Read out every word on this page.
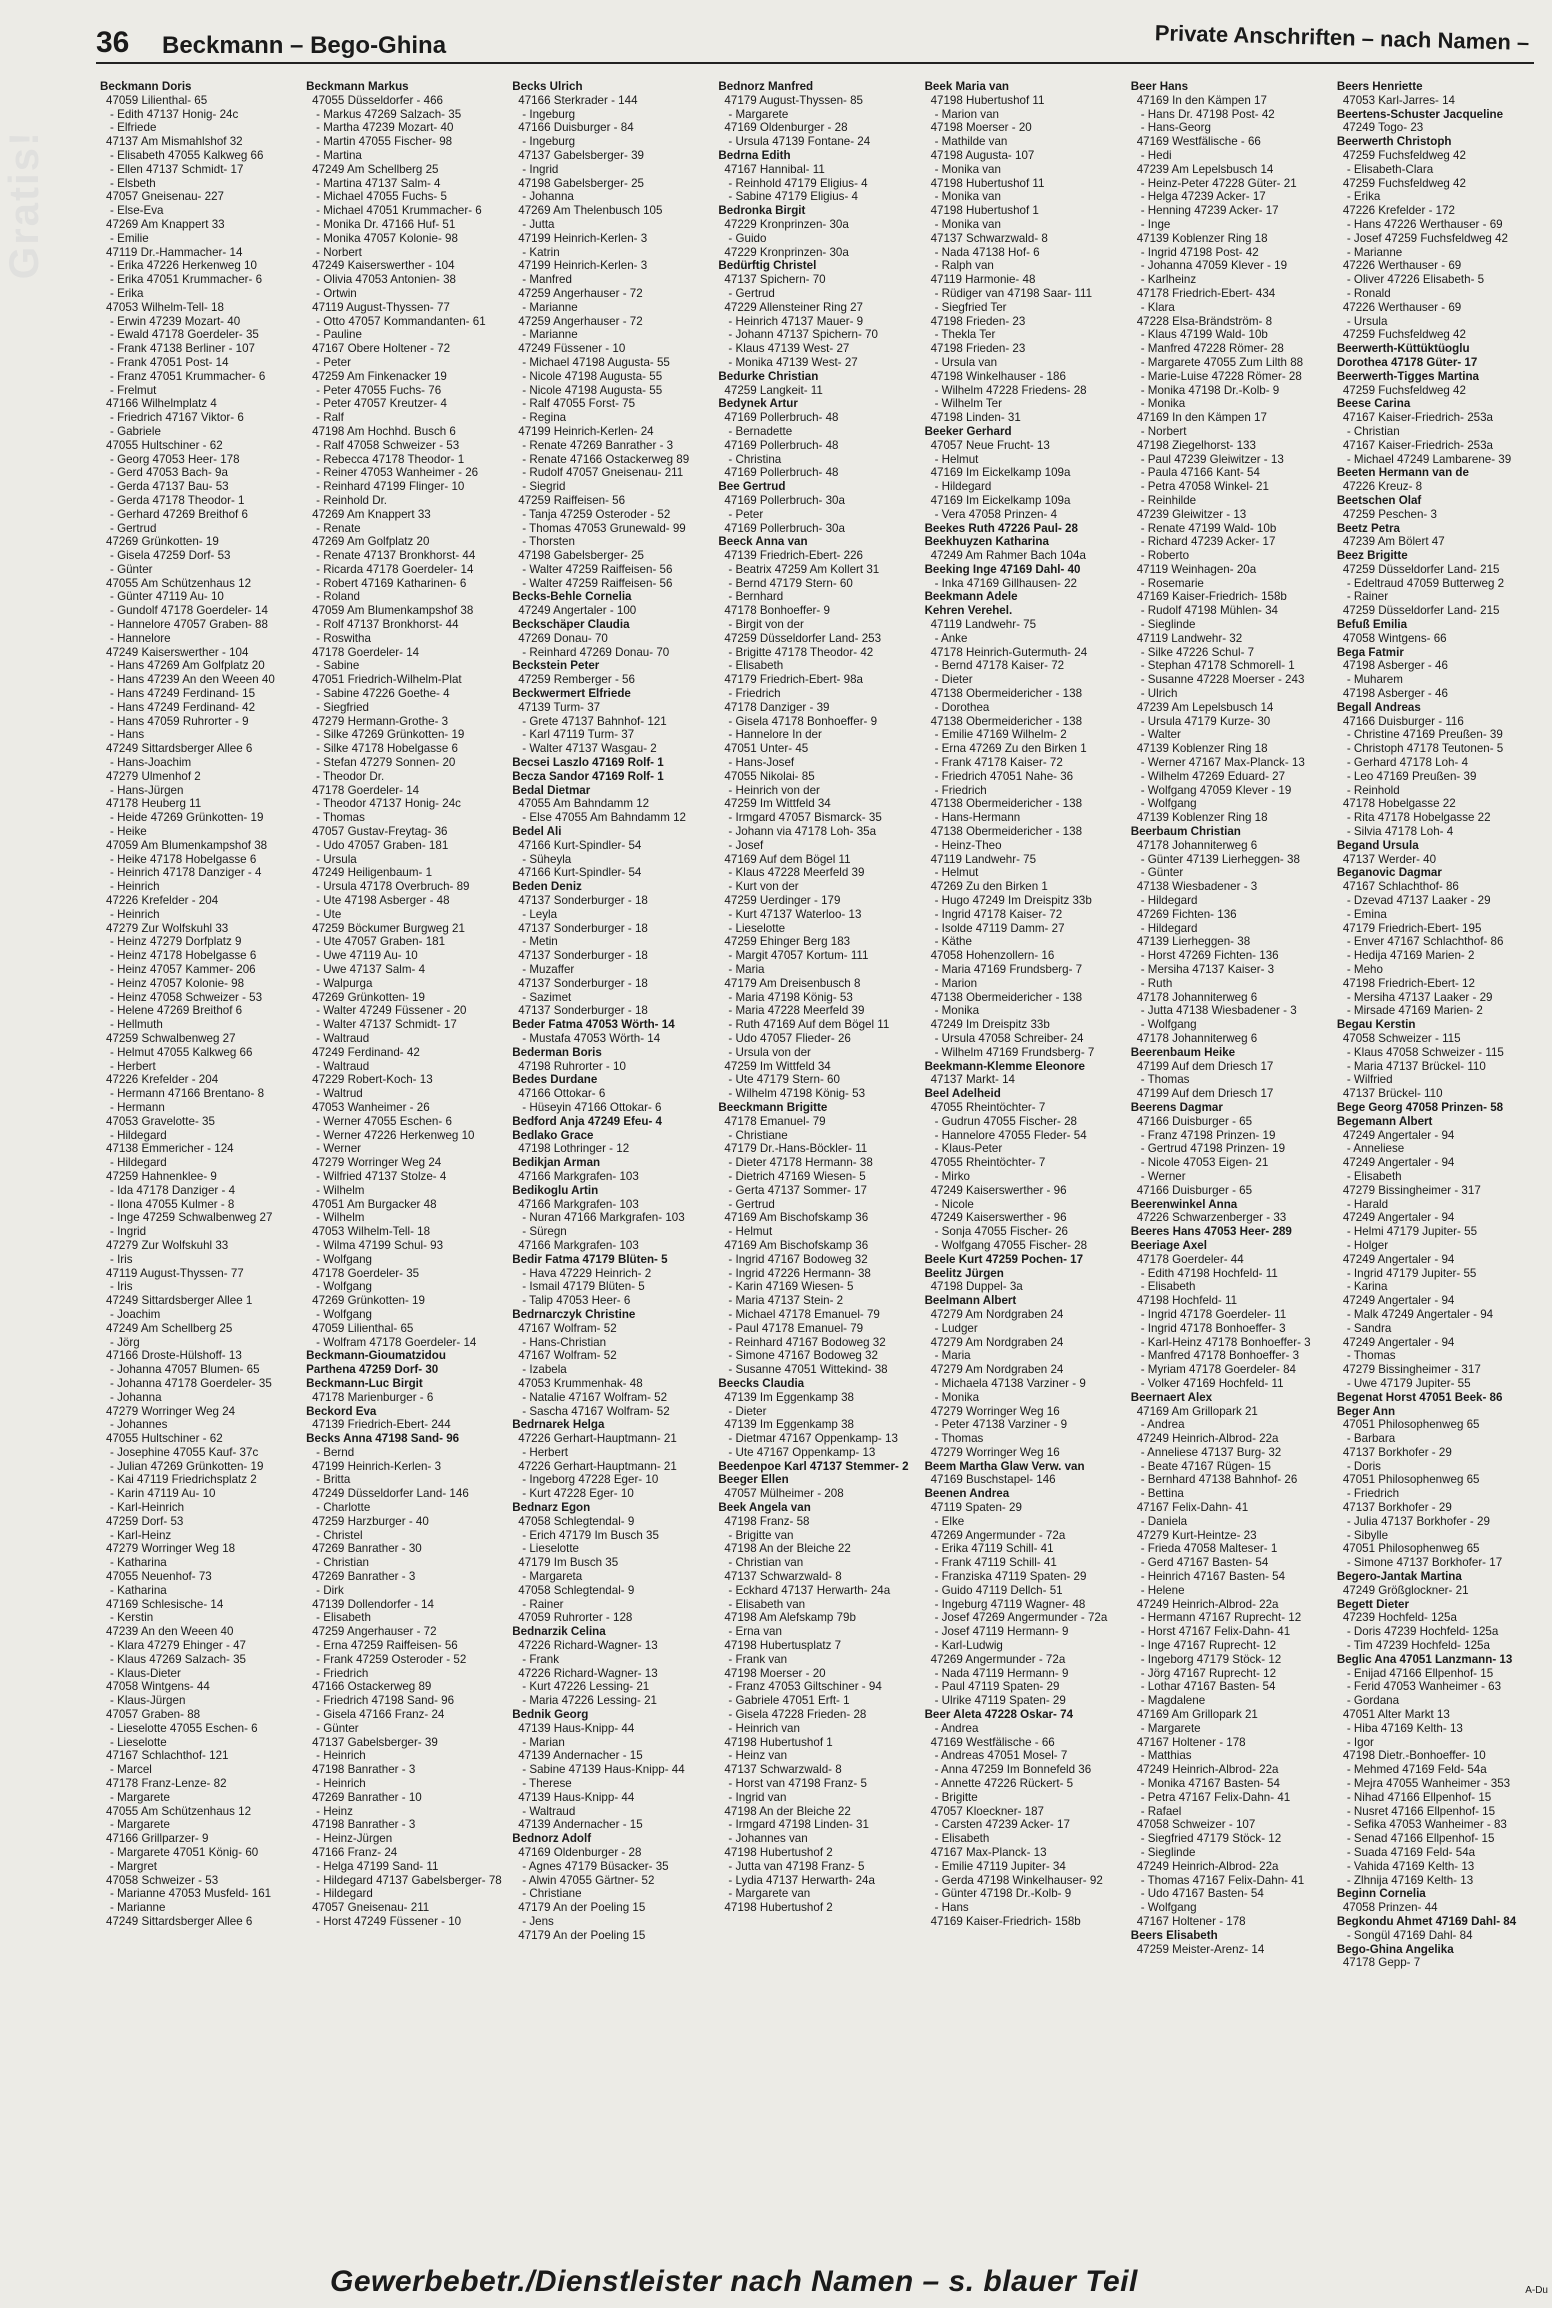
36 Beckmann – Bego-Ghina	Private Anschriften – nach Namen –
Gratis!
Beckmann Doris
47059 Lilienthal- 65
- Edith 47137 Honig- 24c
- Elfriede
47137 Am Mismahlshof 32
- Elisabeth 47055 Kalkweg 66
- Ellen 47137 Schmidt- 17
- Elsbeth
47057 Gneisenau- 227
- Else-Eva
47269 Am Knappert 33
- Emilie
47119 Dr.-Hammacher- 14
- Erika 47226 Herkenweg 10
- Erika 47051 Krummacher- 6
- Erika
47053 Wilhelm-Tell- 18
- Erwin 47239 Mozart- 40
- Ewald 47178 Goerdeler- 35
- Frank 47138 Berliner - 107
- Frank 47051 Post- 14
- Franz 47051 Krummacher- 6
- Frelmut
47166 Wilhelmplatz 4
- Friedrich 47167 Viktor- 6
- Gabriele
47055 Hultschiner - 62
- Georg 47053 Heer- 178
- Gerd 47053 Bach- 9a
- Gerda 47137 Bau- 53
- Gerda 47178 Theodor- 1
- Gerhard 47269 Breithof 6
- Gertrud
47269 Grünkotten- 19
- Gisela 47259 Dorf- 53
- Günter
47055 Am Schützenhaus 12
- Günter 47119 Au- 10
- Gundolf 47178 Goerdeler- 14
- Hannelore 47057 Graben- 88
- Hannelore
47249 Kaiserswerther - 104
- Hans 47269 Am Golfplatz 20
- Hans 47239 An den Weeen 40
- Hans 47249 Ferdinand- 15
- Hans 47249 Ferdinand- 42
- Hans 47059 Ruhrorter - 9
- Hans
47249 Sittardsberger Allee 6
- Hans-Joachim
47279 Ulmenhof 2
- Hans-Jürgen
47178 Heuberg 11
- Heide 47269 Grünkotten- 19
- Heike
47059 Am Blumenkampshof 38
- Heike 47178 Hobelgasse 6
- Heinrich 47178 Danziger - 4
- Heinrich
47226 Krefelder - 204
- Heinrich
47279 Zur Wolfskuhl 33
- Heinz 47279 Dorfplatz 9
- Heinz 47178 Hobelgasse 6
- Heinz 47057 Kammer- 206
- Heinz 47057 Kolonie- 98
- Heinz 47058 Schweizer - 53
- Helene 47269 Breithof 6
- Hellmuth
47259 Schwalbenweg 27
- Helmut 47055 Kalkweg 66
- Herbert
47226 Krefelder - 204
- Hermann 47166 Brentano- 8
- Hermann
47053 Gravelotte- 35
- Hildegard
47138 Emmericher - 124
- Hildegard
47259 Hahnenklee- 9
- Ida 47178 Danziger - 4
- Ilona 47055 Kulmer - 8
- Inge 47259 Schwalbenweg 27
- Ingrid
47279 Zur Wolfskuhl 33
- Iris
47119 August-Thyssen- 77
- Iris
47249 Sittardsberger Allee 1
- Joachim
47249 Am Schellberg 25
- Jörg
47166 Droste-Hülshoff- 13
- Johanna 47057 Blumen- 65
- Johanna 47178 Goerdeler- 35
- Johanna
47279 Worringer Weg 24
- Johannes
47055 Hultschiner - 62
- Josephine 47055 Kauf- 37c
- Julian 47269 Grünkotten- 19
- Kai 47119 Friedrichsplatz 2
- Karin 47119 Au- 10
- Karl-Heinrich
47259 Dorf- 53
- Karl-Heinz
47279 Worringer Weg 18
- Katharina
47055 Neuenhof- 73
- Katharina
47169 Schlesische- 14
- Kerstin
47239 An den Weeen 40
- Klara 47279 Ehinger - 47
- Klaus 47269 Salzach- 35
- Klaus-Dieter
47058 Wintgens- 44
- Klaus-Jürgen
47057 Graben- 88
- Lieselotte 47055 Eschen- 6
- Lieselotte
47167 Schlachthof- 121
- Marcel
47178 Franz-Lenze- 82
- Margarete
47055 Am Schützenhaus 12
- Margarete
47166 Grillparzer- 9
- Margarete 47051 König- 60
- Margret
47058 Schweizer - 53
- Marianne 47053 Musfeld- 161
- Marianne
47249 Sittardsberger Allee 6
Beckmann Markus
47055 Düsseldorfer - 466
- Markus 47269 Salzach- 35
- Martha 47239 Mozart- 40
- Martin 47055 Fischer- 98
- Martina
47249 Am Schellberg 25
- Martina 47137 Salm- 4
- Michael 47055 Fuchs- 5
- Michael 47051 Krummacher- 6
- Monika Dr. 47166 Huf- 51
- Monika 47057 Kolonie- 98
- Norbert
47249 Kaiserswerther - 104
- Olivia 47053 Antonien- 38
- Ortwin
47119 August-Thyssen- 77
- Otto 47057 Kommandanten- 61
- Pauline
47167 Obere Holtener - 72
- Peter
47259 Am Finkenacker 19
- Peter 47055 Fuchs- 76
- Peter 47057 Kreutzer- 4
- Ralf
47198 Am Hochhd. Busch 6
- Ralf 47058 Schweizer - 53
- Rebecca 47178 Theodor- 1
- Reiner 47053 Wanheimer - 26
- Reinhard 47199 Flinger- 10
- Reinhold Dr.
47269 Am Knappert 33
- Renate
47269 Am Golfplatz 20
- Renate 47137 Bronkhorst- 44
- Ricarda 47178 Goerdeler- 14
- Robert 47169 Katharinen- 6
- Roland
47059 Am Blumenkampshof 38
- Rolf 47137 Bronkhorst- 44
- Roswitha
47178 Goerdeler- 14
- Sabine
47051 Friedrich-Wilhelm-Plat
- Sabine 47226 Goethe- 4
- Siegfried
47279 Hermann-Grothe- 3
- Silke 47269 Grünkotten- 19
- Silke 47178 Hobelgasse 6
- Stefan 47279 Sonnen- 20
- Theodor Dr.
47178 Goerdeler- 14
- Theodor 47137 Honig- 24c
- Thomas
47057 Gustav-Freytag- 36
- Udo 47057 Graben- 181
- Ursula
47249 Heiligenbaum- 1
- Ursula 47178 Overbruch- 89
- Ute 47198 Asberger - 48
- Ute
47259 Böckumer Burgweg 21
- Ute 47057 Graben- 181
- Uwe 47119 Au- 10
- Uwe 47137 Salm- 4
- Walpurga
47269 Grünkotten- 19
- Walter 47249 Füssener - 20
- Walter 47137 Schmidt- 17
- Waltraud
47249 Ferdinand- 42
- Waltraud
47229 Robert-Koch- 13
- Waltrud
47053 Wanheimer - 26
- Werner 47055 Eschen- 6
- Werner 47226 Herkenweg 10
- Werner
47279 Worringer Weg 24
- Wilfried 47137 Stolze- 4
- Wilhelm
47051 Am Burgacker 48
- Wilhelm
47053 Wilhelm-Tell- 18
- Wilma 47199 Schul- 93
- Wolfgang
47178 Goerdeler- 35
- Wolfgang
47269 Grünkotten- 19
- Wolfgang
47059 Lilienthal- 65
- Wolfram 47178 Goerdeler- 14
Beckmann-Gioumatzidou
Parthena 47259 Dorf- 30
Beckmann-Luc Birgit
47178 Marienburger - 6
Beckord Eva
47139 Friedrich-Ebert- 244
Becks Anna 47198 Sand- 96
- Bernd
47199 Heinrich-Kerlen- 3
- Britta
47249 Düsseldorfer Land- 146
- Charlotte
47259 Harzburger - 40
- Christel
47269 Banrather - 30
- Christian
47269 Banrather - 3
- Dirk
47139 Dollendorfer - 14
- Elisabeth
47259 Angerhauser - 72
- Erna 47259 Raiffeisen- 56
- Frank 47259 Osteroder - 52
- Friedrich
47166 Ostackerweg 89
- Friedrich 47198 Sand- 96
- Gisela 47166 Franz- 24
- Günter
47137 Gabelsberger- 39
- Heinrich
47198 Banrather - 3
- Heinrich
47269 Banrather - 10
- Heinz
47198 Banrather - 3
- Heinz-Jürgen
47166 Franz- 24
- Helga 47199 Sand- 11
- Hildegard 47137 Gabelsberger- 78
- Hildegard
47057 Gneisenau- 211
- Horst 47249 Füssener - 10
Becks Ulrich
47166 Sterkrader - 144
- Ingeburg
47166 Duisburger - 84
- Ingeburg
47137 Gabelsberger- 39
- Ingrid
47198 Gabelsberger- 25
- Johanna
47269 Am Thelenbusch 105
- Jutta
47199 Heinrich-Kerlen- 3
- Katrin
47199 Heinrich-Kerlen- 3
- Manfred
47259 Angerhauser - 72
- Marianne
47259 Angerhauser - 72
- Marianne
47249 Füssener - 10
- Michael 47198 Augusta- 55
- Nicole 47198 Augusta- 55
- Nicole 47198 Augusta- 55
- Ralf 47055 Forst- 75
- Regina
47199 Heinrich-Kerlen- 24
- Renate 47269 Banrather - 3
- Renate 47166 Ostackerweg 89
- Rudolf 47057 Gneisenau- 211
- Siegrid
47259 Raiffeisen- 56
- Tanja 47259 Osteroder - 52
- Thomas 47053 Grunewald- 99
- Thorsten
47198 Gabelsberger- 25
- Walter 47259 Raiffeisen- 56
- Walter 47259 Raiffeisen- 56
Becks-Behle Cornelia
47249 Angertaler - 100
Beckschäper Claudia
47269 Donau- 70
- Reinhard 47269 Donau- 70
Beckstein Peter
47259 Remberger - 56
Beckwermert Elfriede
47139 Turm- 37
- Grete 47137 Bahnhof- 121
- Karl 47119 Turm- 37
- Walter 47137 Wasgau- 2
Becsei Laszlo 47169 Rolf- 1
Becza Sandor 47169 Rolf- 1
Bedal Dietmar
47055 Am Bahndamm 12
- Else 47055 Am Bahndamm 12
Bedel Ali
47166 Kurt-Spindler- 54
- Süheyla
47166 Kurt-Spindler- 54
Beden Deniz
47137 Sonderburger - 18
- Leyla
47137 Sonderburger - 18
- Metin
47137 Sonderburger - 18
- Muzaffer
47137 Sonderburger - 18
- Sazimet
47137 Sonderburger - 18
Beder Fatma 47053 Wörth- 14
- Mustafa 47053 Wörth- 14
Bederman Boris
47198 Ruhrorter - 10
Bedes Durdane
47166 Ottokar- 6
- Hüseyin 47166 Ottokar- 6
Bedford Anja 47249 Efeu- 4
Bedlako Grace
47198 Lothringer - 12
Bedikjan Arman
47166 Markgrafen- 103
Bedikoglu Artin
47166 Markgrafen- 103
- Nuran 47166 Markgrafen- 103
- Süregn
47166 Markgrafen- 103
Bedir Fatma 47179 Blüten- 5
- Hava 47229 Heinrich- 2
- Ismail 47179 Blüten- 5
- Talip 47053 Heer- 6
Bedrnarczyk Christine
47167 Wolfram- 52
- Hans-Christian
47167 Wolfram- 52
- Izabela
47053 Krummenhak- 48
- Natalie 47167 Wolfram- 52
- Sascha 47167 Wolfram- 52
Bedrnarek Helga
47226 Gerhart-Hauptmann- 21
- Herbert
47226 Gerhart-Hauptmann- 21
- Ingeborg 47228 Eger- 10
- Kurt 47228 Eger- 10
Bednarz Egon
47058 Schlegtendal- 9
- Erich 47179 Im Busch 35
- Lieselotte
47179 Im Busch 35
- Margareta
47058 Schlegtendal- 9
- Rainer
47059 Ruhrorter - 128
Bednarzik Celina
47226 Richard-Wagner- 13
- Frank
47226 Richard-Wagner- 13
- Kurt 47226 Lessing- 21
- Maria 47226 Lessing- 21
Bednik Georg
47139 Haus-Knipp- 44
- Marian
47139 Andernacher - 15
- Sabine 47139 Haus-Knipp- 44
- Therese
47139 Haus-Knipp- 44
- Waltraud
47139 Andernacher - 15
Bednorz Adolf
47169 Oldenburger - 28
- Agnes 47179 Büsacker- 35
- Alwin 47055 Gärtner- 52
- Christiane
47179 An der Poeling 15
- Jens
47179 An der Poeling 15
Bednorz Manfred
47179 August-Thyssen- 85
- Margarete
47169 Oldenburger - 28
- Ursula 47139 Fontane- 24
Bedrna Edith
47167 Hannibal- 11
- Reinhold 47179 Eligius- 4
- Sabine 47179 Eligius- 4
Bedronka Birgit
47229 Kronprinzen- 30a
- Guido
47229 Kronprinzen- 30a
Bedürftig Christel
47137 Spichern- 70
- Gertrud
47229 Allensteiner Ring 27
- Heinrich 47137 Mauer- 9
- Johann 47137 Spichern- 70
- Klaus 47139 West- 27
- Monika 47139 West- 27
Bedurke Christian
47259 Langkeit- 11
Bedynek Artur
47169 Pollerbruch- 48
- Bernadette
47169 Pollerbruch- 48
- Christina
47169 Pollerbruch- 48
Bee Gertrud
47169 Pollerbruch- 30a
- Peter
47169 Pollerbruch- 30a
Beeck Anna van
47139 Friedrich-Ebert- 226
- Beatrix 47259 Am Kollert 31
- Bernd 47179 Stern- 60
- Bernhard
47178 Bonhoeffer- 9
- Birgit von der
47259 Düsseldorfer Land- 253
- Brigitte 47178 Theodor- 42
- Elisabeth
47179 Friedrich-Ebert- 98a
- Friedrich
47178 Danziger - 39
- Gisela 47178 Bonhoeffer- 9
- Hannelore In der
47051 Unter- 45
- Hans-Josef
47055 Nikolai- 85
- Heinrich von der
47259 Im Wittfeld 34
- Irmgard 47057 Bismarck- 35
- Johann via 47178 Loh- 35a
- Josef
47169 Auf dem Bögel 11
- Klaus 47228 Meerfeld 39
- Kurt von der
47259 Uerdinger - 179
- Kurt 47137 Waterloo- 13
- Lieselotte
47259 Ehinger Berg 183
- Margit 47057 Kortum- 111
- Maria
47179 Am Dreisenbusch 8
- Maria 47198 König- 53
- Maria 47228 Meerfeld 39
- Ruth 47169 Auf dem Bögel 11
- Udo 47057 Flieder- 26
- Ursula von der
47259 Im Wittfeld 34
- Ute 47179 Stern- 60
- Wilhelm 47198 König- 53
Beeckmann Brigitte
47178 Emanuel- 79
- Christiane
47179 Dr.-Hans-Böckler- 11
- Dieter 47178 Hermann- 38
- Dietrich 47169 Wiesen- 5
- Gerta 47137 Sommer- 17
- Gertrud
47169 Am Bischofskamp 36
- Helmut
47169 Am Bischofskamp 36
- Ingrid 47167 Bodoweg 32
- Ingrid 47226 Hermann- 38
- Karin 47169 Wiesen- 5
- Maria 47137 Stein- 2
- Michael 47178 Emanuel- 79
- Paul 47178 Emanuel- 79
- Reinhard 47167 Bodoweg 32
- Simone 47167 Bodoweg 32
- Susanne 47051 Wittekind- 38
Beecks Claudia
47139 Im Eggenkamp 38
- Dieter
47139 Im Eggenkamp 38
- Dietmar 47167 Oppenkamp- 13
- Ute 47167 Oppenkamp- 13
Beedenpoe Karl 47137 Stemmer- 2
Beeger Ellen
47057 Mülheimer - 208
Beek Angela van
47198 Franz- 58
- Brigitte van
47198 An der Bleiche 22
- Christian van
47137 Schwarzwald- 8
- Eckhard 47137 Herwarth- 24a
- Elisabeth van
47198 Am Alefskamp 79b
- Erna van
47198 Hubertusplatz 7
- Frank van
47198 Moerser - 20
- Franz 47053 Giltschiner - 94
- Gabriele 47051 Erft- 1
- Gisela 47228 Frieden- 28
- Heinrich van
47198 Hubertushof 1
- Heinz van
47137 Schwarzwald- 8
- Horst van 47198 Franz- 5
- Ingrid van
47198 An der Bleiche 22
- Irmgard 47198 Linden- 31
- Johannes van
47198 Hubertushof 2
- Jutta van 47198 Franz- 5
- Lydia 47137 Herwarth- 24a
- Margarete van
47198 Hubertushof 2
Beek Maria van
47198 Hubertushof 11
- Marion van
47198 Moerser - 20
- Mathilde van
47198 Augusta- 107
- Monika van
47198 Hubertushof 11
- Monika van
47198 Hubertushof 1
- Monika van
47137 Schwarzwald- 8
- Nada 47138 Hof- 6
- Ralph van
47119 Harmonie- 48
- Rüdiger van 47198 Saar- 111
- Siegfried Ter
47198 Frieden- 23
- Thekla Ter
47198 Frieden- 23
- Ursula van
47198 Winkelhauser - 186
- Wilhelm 47228 Friedens- 28
- Wilhelm Ter
47198 Linden- 31
Beeker Gerhard
47057 Neue Frucht- 13
- Helmut
47169 Im Eickelkamp 109a
- Hildegard
47169 Im Eickelkamp 109a
- Vera 47058 Prinzen- 4
Beekes Ruth 47226 Paul- 28
Beekhuyzen Katharina
47249 Am Rahmer Bach 104a
Beeking Inge 47169 Dahl- 40
- Inka 47169 Gillhausen- 22
Beekmann Adele
Kehren Verehel.
47119 Landwehr- 75
- Anke
47178 Heinrich-Gutermuth- 24
- Bernd 47178 Kaiser- 72
- Dieter
47138 Obermeidericher - 138
- Dorothea
47138 Obermeidericher - 138
- Emilie 47169 Wilhelm- 2
- Erna 47269 Zu den Birken 1
- Frank 47178 Kaiser- 72
- Friedrich 47051 Nahe- 36
- Friedrich
47138 Obermeidericher - 138
- Hans-Hermann
47138 Obermeidericher - 138
- Heinz-Theo
47119 Landwehr- 75
- Helmut
47269 Zu den Birken 1
- Hugo 47249 Im Dreispitz 33b
- Ingrid 47178 Kaiser- 72
- Isolde 47119 Damm- 27
- Käthe
47058 Hohenzollern- 16
- Maria 47169 Frundsberg- 7
- Marion
47138 Obermeidericher - 138
- Monika
47249 Im Dreispitz 33b
- Ursula 47058 Schreiber- 24
- Wilhelm 47169 Frundsberg- 7
Beekmann-Klemme Eleonore
47137 Markt- 14
Beel Adelheid
47055 Rheintöchter- 7
- Gudrun 47055 Fischer- 28
- Hannelore 47055 Fleder- 54
- Klaus-Peter
47055 Rheintöchter- 7
- Mirko
47249 Kaiserswerther - 96
- Nicole
47249 Kaiserswerther - 96
- Sonja 47055 Fischer- 26
- Wolfgang 47055 Fischer- 28
Beele Kurt 47259 Pochen- 17
Beelitz Jürgen
47198 Duppel- 3a
Beelmann Albert
47279 Am Nordgraben 24
- Ludger
47279 Am Nordgraben 24
- Maria
47279 Am Nordgraben 24
- Michaela 47138 Varziner - 9
- Monika
47279 Worringer Weg 16
- Peter 47138 Varziner - 9
- Thomas
47279 Worringer Weg 16
Beem Martha Glaw Verw. van
47169 Buschstapel- 146
Beenen Andrea
47119 Spaten- 29
- Elke
47269 Angermunder - 72a
- Erika 47119 Schill- 41
- Frank 47119 Schill- 41
- Franziska 47119 Spaten- 29
- Guido 47119 Dellch- 51
- Ingeburg 47119 Wagner- 48
- Josef 47269 Angermunder - 72a
- Josef 47119 Hermann- 9
- Karl-Ludwig
47269 Angermunder - 72a
- Nada 47119 Hermann- 9
- Paul 47119 Spaten- 29
- Ulrike 47119 Spaten- 29
Beer Aleta 47228 Oskar- 74
- Andrea
47169 Westfälische - 66
- Andreas 47051 Mosel- 7
- Anna 47259 Im Bonnefeld 36
- Annette 47226 Rückert- 5
- Brigitte
47057 Kloeckner- 187
- Carsten 47239 Acker- 17
- Elisabeth
47167 Max-Planck- 13
- Emilie 47119 Jupiter- 34
- Gerda 47198 Winkelhauser- 92
- Günter 47198 Dr.-Kolb- 9
- Hans
47169 Kaiser-Friedrich- 158b
Beer Hans
47169 In den Kämpen 17
- Hans Dr. 47198 Post- 42
- Hans-Georg
47169 Westfälische - 66
- Hedi
47239 Am Lepelsbusch 14
- Heinz-Peter 47228 Güter- 21
- Helga 47239 Acker- 17
- Henning 47239 Acker- 17
- Inge
47139 Koblenzer Ring 18
- Ingrid 47198 Post- 42
- Johanna 47059 Klever - 19
- Karlheinz
47178 Friedrich-Ebert- 434
- Klara
47228 Elsa-Brändström- 8
- Klaus 47199 Wald- 10b
- Manfred 47228 Römer- 28
- Margarete 47055 Zum Lilth 88
- Marie-Luise 47228 Römer- 28
- Monika 47198 Dr.-Kolb- 9
- Monika
47169 In den Kämpen 17
- Norbert
47198 Ziegelhorst- 133
- Paul 47239 Gleiwitzer - 13
- Paula 47166 Kant- 54
- Petra 47058 Winkel- 21
- Reinhilde
47239 Gleiwitzer - 13
- Renate 47199 Wald- 10b
- Richard 47239 Acker- 17
- Roberto
47119 Weinhagen- 20a
- Rosemarie
47169 Kaiser-Friedrich- 158b
- Rudolf 47198 Mühlen- 34
- Sieglinde
47119 Landwehr- 32
- Silke 47226 Schul- 7
- Stephan 47178 Schmorell- 1
- Susanne 47228 Moerser - 243
- Ulrich
47239 Am Lepelsbusch 14
- Ursula 47179 Kurze- 30
- Walter
47139 Koblenzer Ring 18
- Werner 47167 Max-Planck- 13
- Wilhelm 47269 Eduard- 27
- Wolfgang 47059 Klever - 19
- Wolfgang
47139 Koblenzer Ring 18
Beerbaum Christian
47178 Johanniterweg 6
- Günter 47139 Lierheggen- 38
- Günter
47138 Wiesbadener - 3
- Hildegard
47269 Fichten- 136
- Hildegard
47139 Lierheggen- 38
- Horst 47269 Fichten- 136
- Mersiha 47137 Kaiser- 3
- Ruth
47178 Johanniterweg 6
- Jutta 47138 Wiesbadener - 3
- Wolfgang
47178 Johanniterweg 6
Beerenbaum Heike
47199 Auf dem Driesch 17
- Thomas
47199 Auf dem Driesch 17
Beerens Dagmar
47166 Duisburger - 65
- Franz 47198 Prinzen- 19
- Gertrud 47198 Prinzen- 19
- Nicole 47053 Eigen- 21
- Werner
47166 Duisburger - 65
Beerenwinkel Anna
47226 Schwarzenberger - 33
Beeres Hans 47053 Heer- 289
Beeriage Axel
47178 Goerdeler- 44
- Edith 47198 Hochfeld- 11
- Elisabeth
47198 Hochfeld- 11
- Ingrid 47178 Goerdeler- 11
- Ingrid 47178 Bonhoeffer- 3
- Karl-Heinz 47178 Bonhoeffer- 3
- Manfred 47178 Bonhoeffer- 3
- Myriam 47178 Goerdeler- 84
- Volker 47169 Hochfeld- 11
Beernaert Alex
47169 Am Grillopark 21
- Andrea
47249 Heinrich-Albrod- 22a
- Anneliese 47137 Burg- 32
- Beate 47167 Rügen- 15
- Bernhard 47138 Bahnhof- 26
- Bettina
47167 Felix-Dahn- 41
- Daniela
47279 Kurt-Heintze- 23
- Frieda 47058 Malteser- 1
- Gerd 47167 Basten- 54
- Heinrich 47167 Basten- 54
- Helene
47249 Heinrich-Albrod- 22a
- Hermann 47167 Ruprecht- 12
- Horst 47167 Felix-Dahn- 41
- Inge 47167 Ruprecht- 12
- Ingeborg 47179 Stöck- 12
- Jörg 47167 Ruprecht- 12
- Lothar 47167 Basten- 54
- Magdalene
47169 Am Grillopark 21
- Margarete
47167 Holtener - 178
- Matthias
47249 Heinrich-Albrod- 22a
- Monika 47167 Basten- 54
- Petra 47167 Felix-Dahn- 41
- Rafael
47058 Schweizer - 107
- Siegfried 47179 Stöck- 12
- Sieglinde
47249 Heinrich-Albrod- 22a
- Thomas 47167 Felix-Dahn- 41
- Udo 47167 Basten- 54
- Wolfgang
47167 Holtener - 178
Beers Elisabeth
47259 Meister-Arenz- 14
Beers Henriette
47053 Karl-Jarres- 14
Beertens-Schuster Jacqueline
47249 Togo- 23
Beerwerth Christoph
47259 Fuchsfeldweg 42
- Elisabeth-Clara
47259 Fuchsfeldweg 42
- Erika
47226 Krefelder - 172
- Hans 47226 Werthauser - 69
- Josef 47259 Fuchsfeldweg 42
- Marianne
47226 Werthauser - 69
- Oliver 47226 Elisabeth- 5
- Ronald
47226 Werthauser - 69
- Ursula
47259 Fuchsfeldweg 42
Beerwerth-Küttüktüoglu
Dorothea 47178 Güter- 17
Beerwerth-Tigges Martina
47259 Fuchsfeldweg 42
Beese Carina
47167 Kaiser-Friedrich- 253a
- Christian
47167 Kaiser-Friedrich- 253a
- Michael 47249 Lambarene- 39
Beeten Hermann van de
47226 Kreuz- 8
Beetschen Olaf
47259 Peschen- 3
Beetz Petra
47239 Am Bölert 47
Beez Brigitte
47259 Düsseldorfer Land- 215
- Edeltraud 47059 Butterweg 2
- Rainer
47259 Düsseldorfer Land- 215
Befuß Emilia
47058 Wintgens- 66
Bega Fatmir
47198 Asberger - 46
- Muharem
47198 Asberger - 46
Begall Andreas
47166 Duisburger - 116
- Christine 47169 Preußen- 39
- Christoph 47178 Teutonen- 5
- Gerhard 47178 Loh- 4
- Leo 47169 Preußen- 39
- Reinhold
47178 Hobelgasse 22
- Rita 47178 Hobelgasse 22
- Silvia 47178 Loh- 4
Begand Ursula
47137 Werder- 40
Beganovic Dagmar
47167 Schlachthof- 86
- Dzevad 47137 Laaker - 29
- Emina
47179 Friedrich-Ebert- 195
- Enver 47167 Schlachthof- 86
- Hedija 47169 Marien- 2
- Meho
47198 Friedrich-Ebert- 12
- Mersiha 47137 Laaker - 29
- Mirsade 47169 Marien- 2
Begau Kerstin
47058 Schweizer - 115
- Klaus 47058 Schweizer - 115
- Maria 47137 Brückel- 110
- Wilfried
47137 Brückel- 110
Bege Georg 47058 Prinzen- 58
Begemann Albert
47249 Angertaler - 94
- Anneliese
47249 Angertaler - 94
- Elisabeth
47279 Bissingheimer - 317
- Harald
47249 Angertaler - 94
- Helmi 47179 Jupiter- 55
- Holger
47249 Angertaler - 94
- Ingrid 47179 Jupiter- 55
- Karina
47249 Angertaler - 94
- Malk 47249 Angertaler - 94
- Sandra
47249 Angertaler - 94
- Thomas
47279 Bissingheimer - 317
- Uwe 47179 Jupiter- 55
Begenat Horst 47051 Beek- 86
Beger Ann
47051 Philosophenweg 65
- Barbara
47137 Borkhofer - 29
- Doris
47051 Philosophenweg 65
- Friedrich
47137 Borkhofer - 29
- Julia 47137 Borkhofer - 29
- Sibylle
47051 Philosophenweg 65
- Simone 47137 Borkhofer- 17
Begero-Jantak Martina
47249 Größglockner- 21
Begett Dieter
47239 Hochfeld- 125a
- Doris 47239 Hochfeld- 125a
- Tim 47239 Hochfeld- 125a
Beglic Ana 47051 Lanzmann- 13
- Enijad 47166 Ellpenhof- 15
- Ferid 47053 Wanheimer - 63
- Gordana
47051 Alter Markt 13
- Hiba 47169 Kelth- 13
- Igor
47198 Dietr.-Bonhoeffer- 10
- Mehmed 47169 Feld- 54a
- Mejra 47055 Wanheimer - 353
- Nihad 47166 Ellpenhof- 15
- Nusret 47166 Ellpenhof- 15
- Sefika 47053 Wanheimer - 83
- Senad 47166 Ellpenhof- 15
- Suada 47169 Feld- 54a
- Vahida 47169 Kelth- 13
- Zlhnija 47169 Kelth- 13
Beginn Cornelia
47058 Prinzen- 44
Begkondu Ahmet 47169 Dahl- 84
- Songül 47169 Dahl- 84
Bego-Ghina Angelika
47178 Gepp- 7
Gewerbebetr./Dienstleister nach Namen – s. blauer Teil	A-Du
